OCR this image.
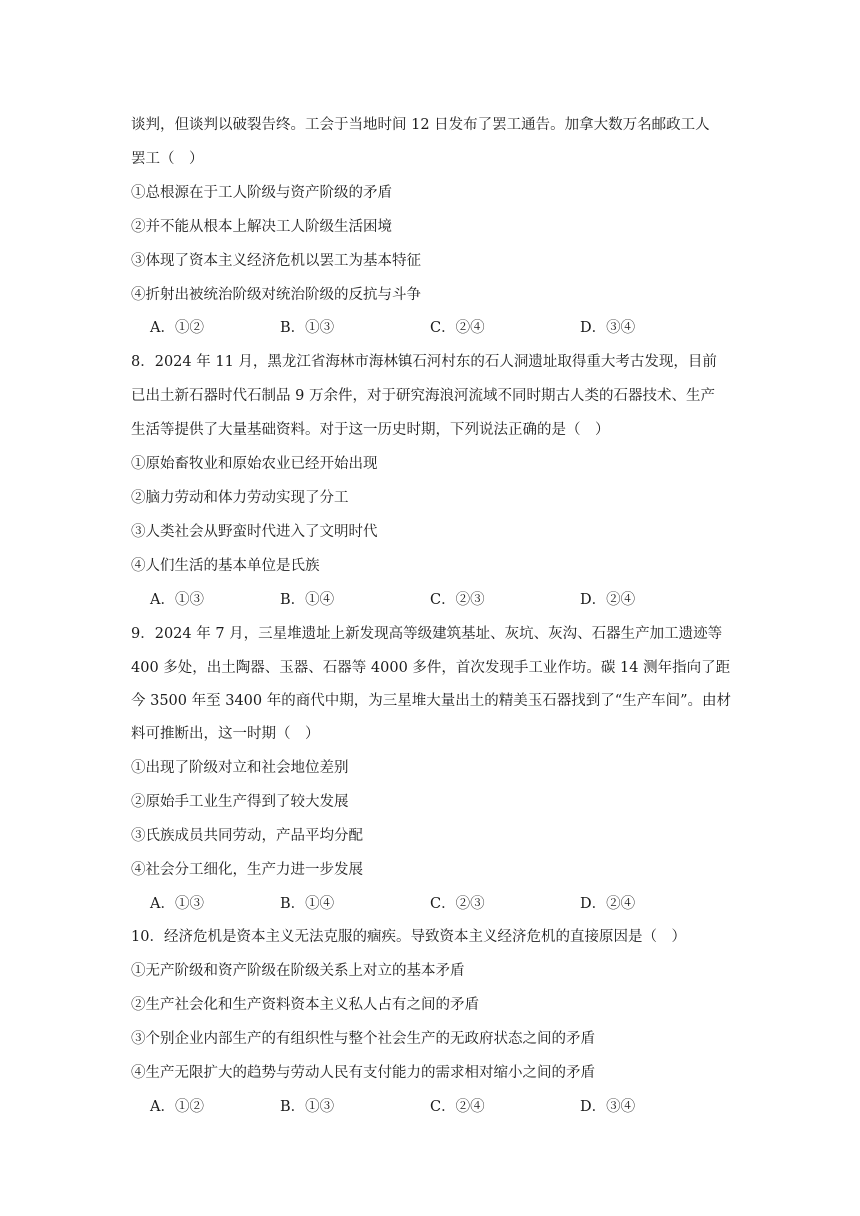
谈判，但谈判以破裂告终。工会于当地时间 12 日发布了罢工通告。加拿大数万名邮政工人
罢工（　）
①总根源在于工人阶级与资产阶级的矛盾
②并不能从根本上解决工人阶级生活困境
③体现了资本主义经济危机以罢工为基本特征
④折射出被统治阶级对统治阶级的反抗与斗争
A．①②	B．①③	C．②④	D．③④
8．2024 年 11 月，黑龙江省海林市海林镇石河村东的石人洞遗址取得重大考古发现，目前
已出土新石器时代石制品 9 万余件，对于研究海浪河流域不同时期古人类的石器技术、生产
生活等提供了大量基础资料。对于这一历史时期，下列说法正确的是（　）
①原始畜牧业和原始农业已经开始出现
②脑力劳动和体力劳动实现了分工
③人类社会从野蛮时代进入了文明时代
④人们生活的基本单位是氏族
A．①③	B．①④	C．②③	D．②④
9．2024 年 7 月，三星堆遗址上新发现高等级建筑基址、灰坑、灰沟、石器生产加工遗迹等
400 多处，出土陶器、玉器、石器等 4000 多件，首次发现手工业作坊。碳 14 测年指向了距
今 3500 年至 3400 年的商代中期，为三星堆大量出土的精美玉石器找到了“生产车间”。由材
料可推断出，这一时期（　）
①出现了阶级对立和社会地位差别
②原始手工业生产得到了较大发展
③氏族成员共同劳动，产品平均分配
④社会分工细化，生产力进一步发展
A．①③	B．①④	C．②③	D．②④
10．经济危机是资本主义无法克服的痼疾。导致资本主义经济危机的直接原因是（　）
①无产阶级和资产阶级在阶级关系上对立的基本矛盾
②生产社会化和生产资料资本主义私人占有之间的矛盾
③个别企业内部生产的有组织性与整个社会生产的无政府状态之间的矛盾
④生产无限扩大的趋势与劳动人民有支付能力的需求相对缩小之间的矛盾
A．①②	B．①③	C．②④	D．③④
